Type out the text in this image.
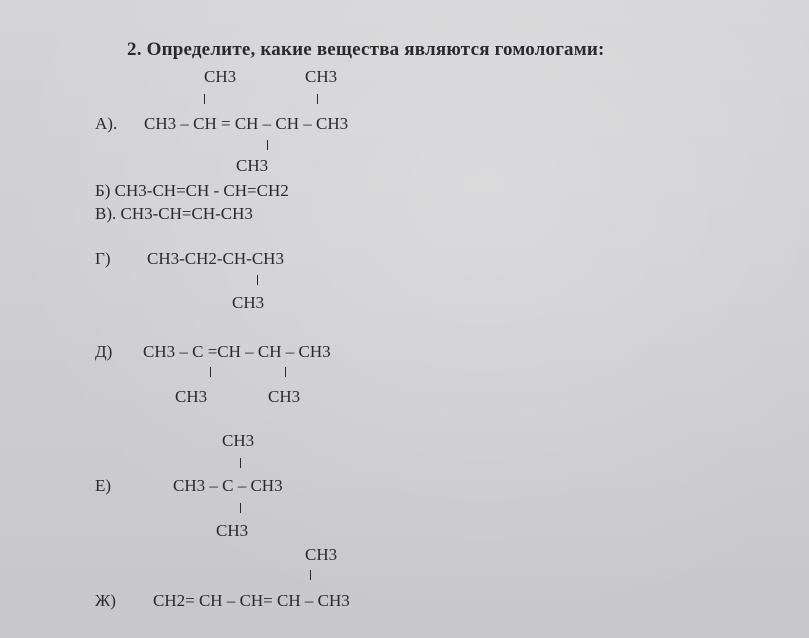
2. Определите, какие вещества являются гомологами:
CH3	CH3
А). CH3 – CH = CH – CH – CH3
CH3
Б) CH3-CH=CH - CH=CH2
В). CH3-CH=CH-CH3
Г) CH3-CH2-CH-CH3
CH3
Д) CH3 – C =CH – CH – CH3
CH3	CH3
CH3
Е)	CH3 – C – CH3
CH3
CH3
Ж) CH2= CH – CH= CH – CH3
